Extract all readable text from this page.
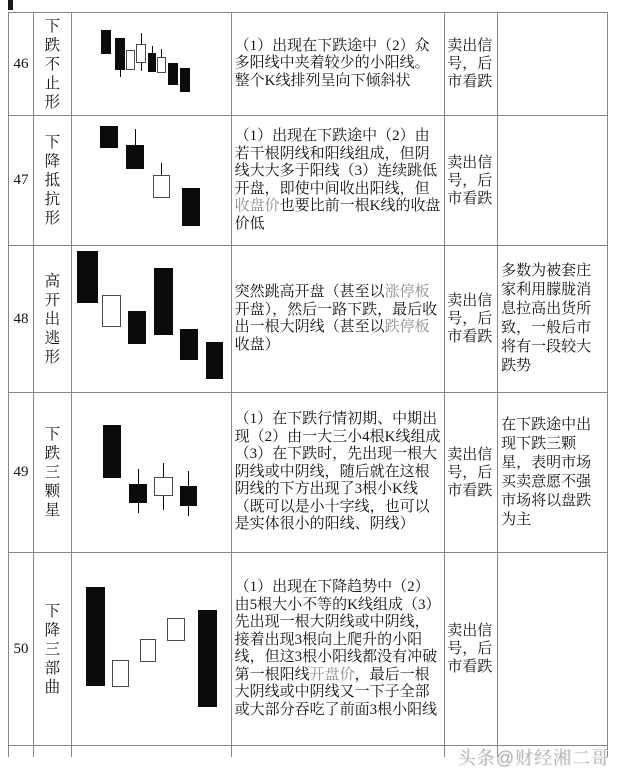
46
下跌不止形
（1）出现在下跌途中（2）众多阳线中夹着较少的小阳线。整个K线排列呈向下倾斜状
卖出信号，后市看跌
47
下降抵抗形
（1）出现在下跌途中（2）由若干根阴线和阳线组成，但阴线大大多于阳线（3）连续跳低开盘，即使中间收出阳线，但收盘价也要比前一根K线的收盘价低
卖出信号，后市看跌
48
高开出逃形
突然跳高开盘（甚至以涨停板开盘），然后一路下跌，最后收出一根大阴线（甚至以跌停板收盘）
卖出信号，后市看跌
多数为被套庄家利用朦胧消息拉高出货所致，一般后市将有一段较大跌势
49
下跌三颗星
（1）在下跌行情初期、中期出现（2）由一大三小4根K线组成（3）在下跌时，先出现一根大阴线或中阴线，随后就在这根阴线的下方出现了3根小K线（既可以是小十字线，也可以是实体很小的阳线、阴线）
卖出信号，后市看跌
在下跌途中出现下跌三颗星，表明市场买卖意愿不强市场将以盘跌为主
50
下降三部曲
（1）出现在下降趋势中（2）由5根大小不等的K线组成（3）先出现一根大阴线或中阴线，接着出现3根向上爬升的小阳线，但这3根小阳线都没有冲破第一根阳线开盘价，最后一根大阴线或中阴线又一下子全部或大部分吞吃了前面3根小阳线
卖出信号，后市看跌
头条@财经湘二哥
